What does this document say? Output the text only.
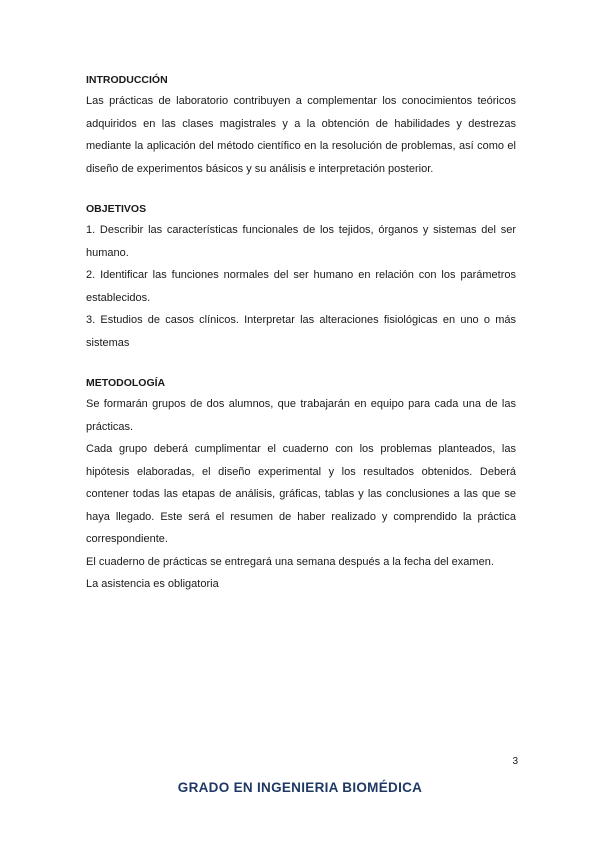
INTRODUCCIÓN

Las prácticas de laboratorio contribuyen a complementar los conocimientos teóricos adquiridos en las clases magistrales y a la obtención de habilidades y destrezas mediante la aplicación del método científico en la resolución de problemas, así como el diseño de experimentos básicos y su análisis e interpretación posterior.

OBJETIVOS

1. Describir las características funcionales de los tejidos, órganos y sistemas del ser humano.

2. Identificar las funciones normales del ser humano en relación con los parámetros establecidos.

3. Estudios de casos clínicos. Interpretar las alteraciones fisiológicas en uno o más sistemas

METODOLOGÍA

Se formarán grupos de dos alumnos, que trabajarán en equipo para cada una de las prácticas.

Cada grupo deberá cumplimentar el cuaderno con los problemas planteados, las hipótesis elaboradas, el diseño experimental y los resultados obtenidos. Deberá contener todas las etapas de análisis, gráficas, tablas y las conclusiones a las que se haya llegado. Este será el resumen de haber realizado y comprendido la práctica correspondiente.

El cuaderno de prácticas se entregará una semana después a la fecha del examen.

La asistencia es obligatoria

3
GRADO EN INGENIERIA BIOMÉDICA
